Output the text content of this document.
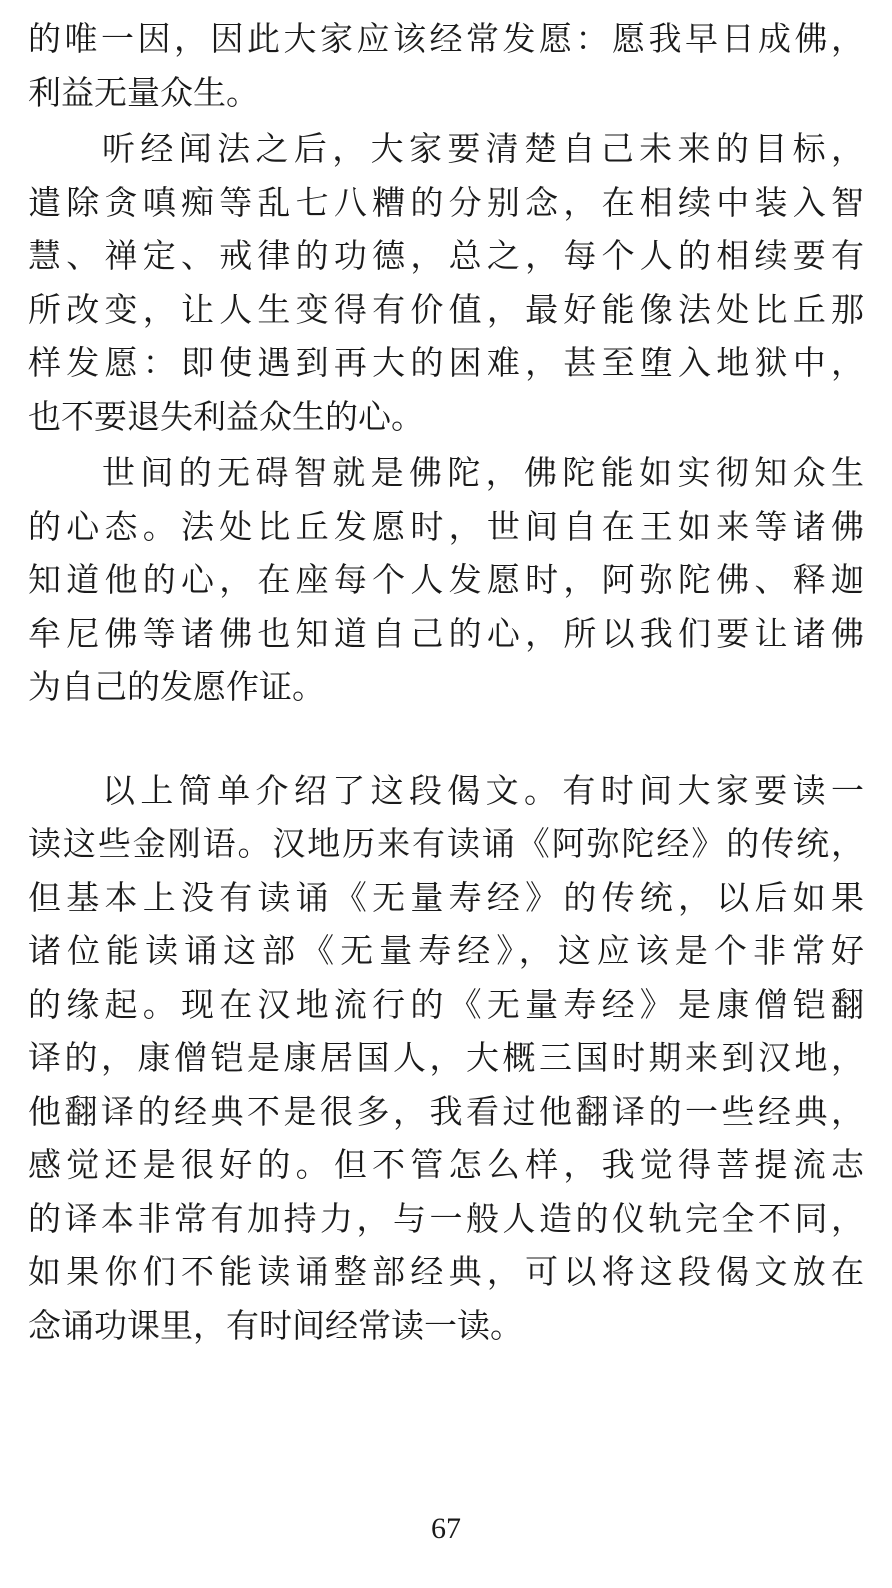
的唯一因，因此大家应该经常发愿：愿我早日成佛，
利益无量众生。
听经闻法之后，大家要清楚自己未来的目标，
遣除贪嗔痴等乱七八糟的分别念，在相续中装入智
慧、禅定、戒律的功德，总之，每个人的相续要有
所改变，让人生变得有价值，最好能像法处比丘那
样发愿：即使遇到再大的困难，甚至堕入地狱中，
也不要退失利益众生的心。
世间的无碍智就是佛陀，佛陀能如实彻知众生
的心态。法处比丘发愿时，世间自在王如来等诸佛
知道他的心，在座每个人发愿时，阿弥陀佛、释迦
牟尼佛等诸佛也知道自己的心，所以我们要让诸佛
为自己的发愿作证。
以上简单介绍了这段偈文。有时间大家要读一
读这些金刚语。汉地历来有读诵《阿弥陀经》的传统，
但基本上没有读诵《无量寿经》的传统，以后如果
诸位能读诵这部《无量寿经》，这应该是个非常好
的缘起。现在汉地流行的《无量寿经》是康僧铠翻
译的，康僧铠是康居国人，大概三国时期来到汉地，
他翻译的经典不是很多，我看过他翻译的一些经典，
感觉还是很好的。但不管怎么样，我觉得菩提流志
的译本非常有加持力，与一般人造的仪轨完全不同，
如果你们不能读诵整部经典，可以将这段偈文放在
念诵功课里，有时间经常读一读。
67
